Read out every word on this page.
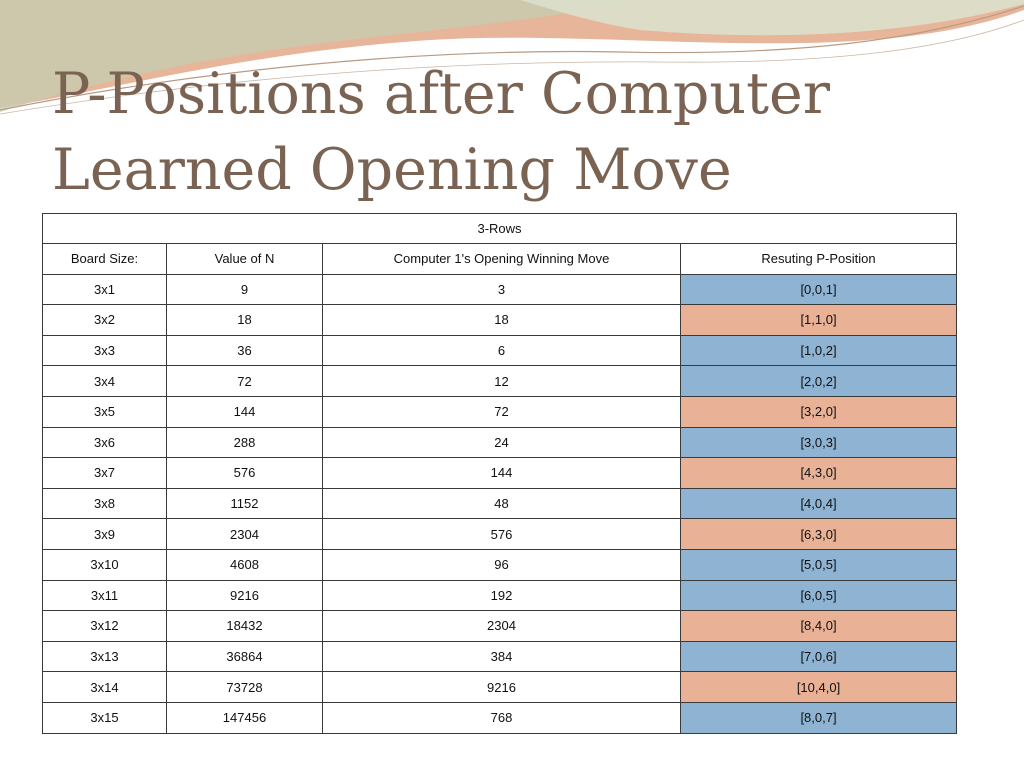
P-Positions after Computer
Learned Opening Move
3-Rows			
Board Size:	Value of N	Computer 1's Opening Winning Move	Resuting P-Position
3x1	9	3	[0,0,1]
3x2	18	18	[1,1,0]
3x3	36	6	[1,0,2]
3x4	72	12	[2,0,2]
3x5	144	72	[3,2,0]
3x6	288	24	[3,0,3]
3x7	576	144	[4,3,0]
3x8	1152	48	[4,0,4]
3x9	2304	576	[6,3,0]
3x10	4608	96	[5,0,5]
3x11	9216	192	[6,0,5]
3x12	18432	2304	[8,4,0]
3x13	36864	384	[7,0,6]
3x14	73728	9216	[10,4,0]
3x15	147456	768	[8,0,7]
